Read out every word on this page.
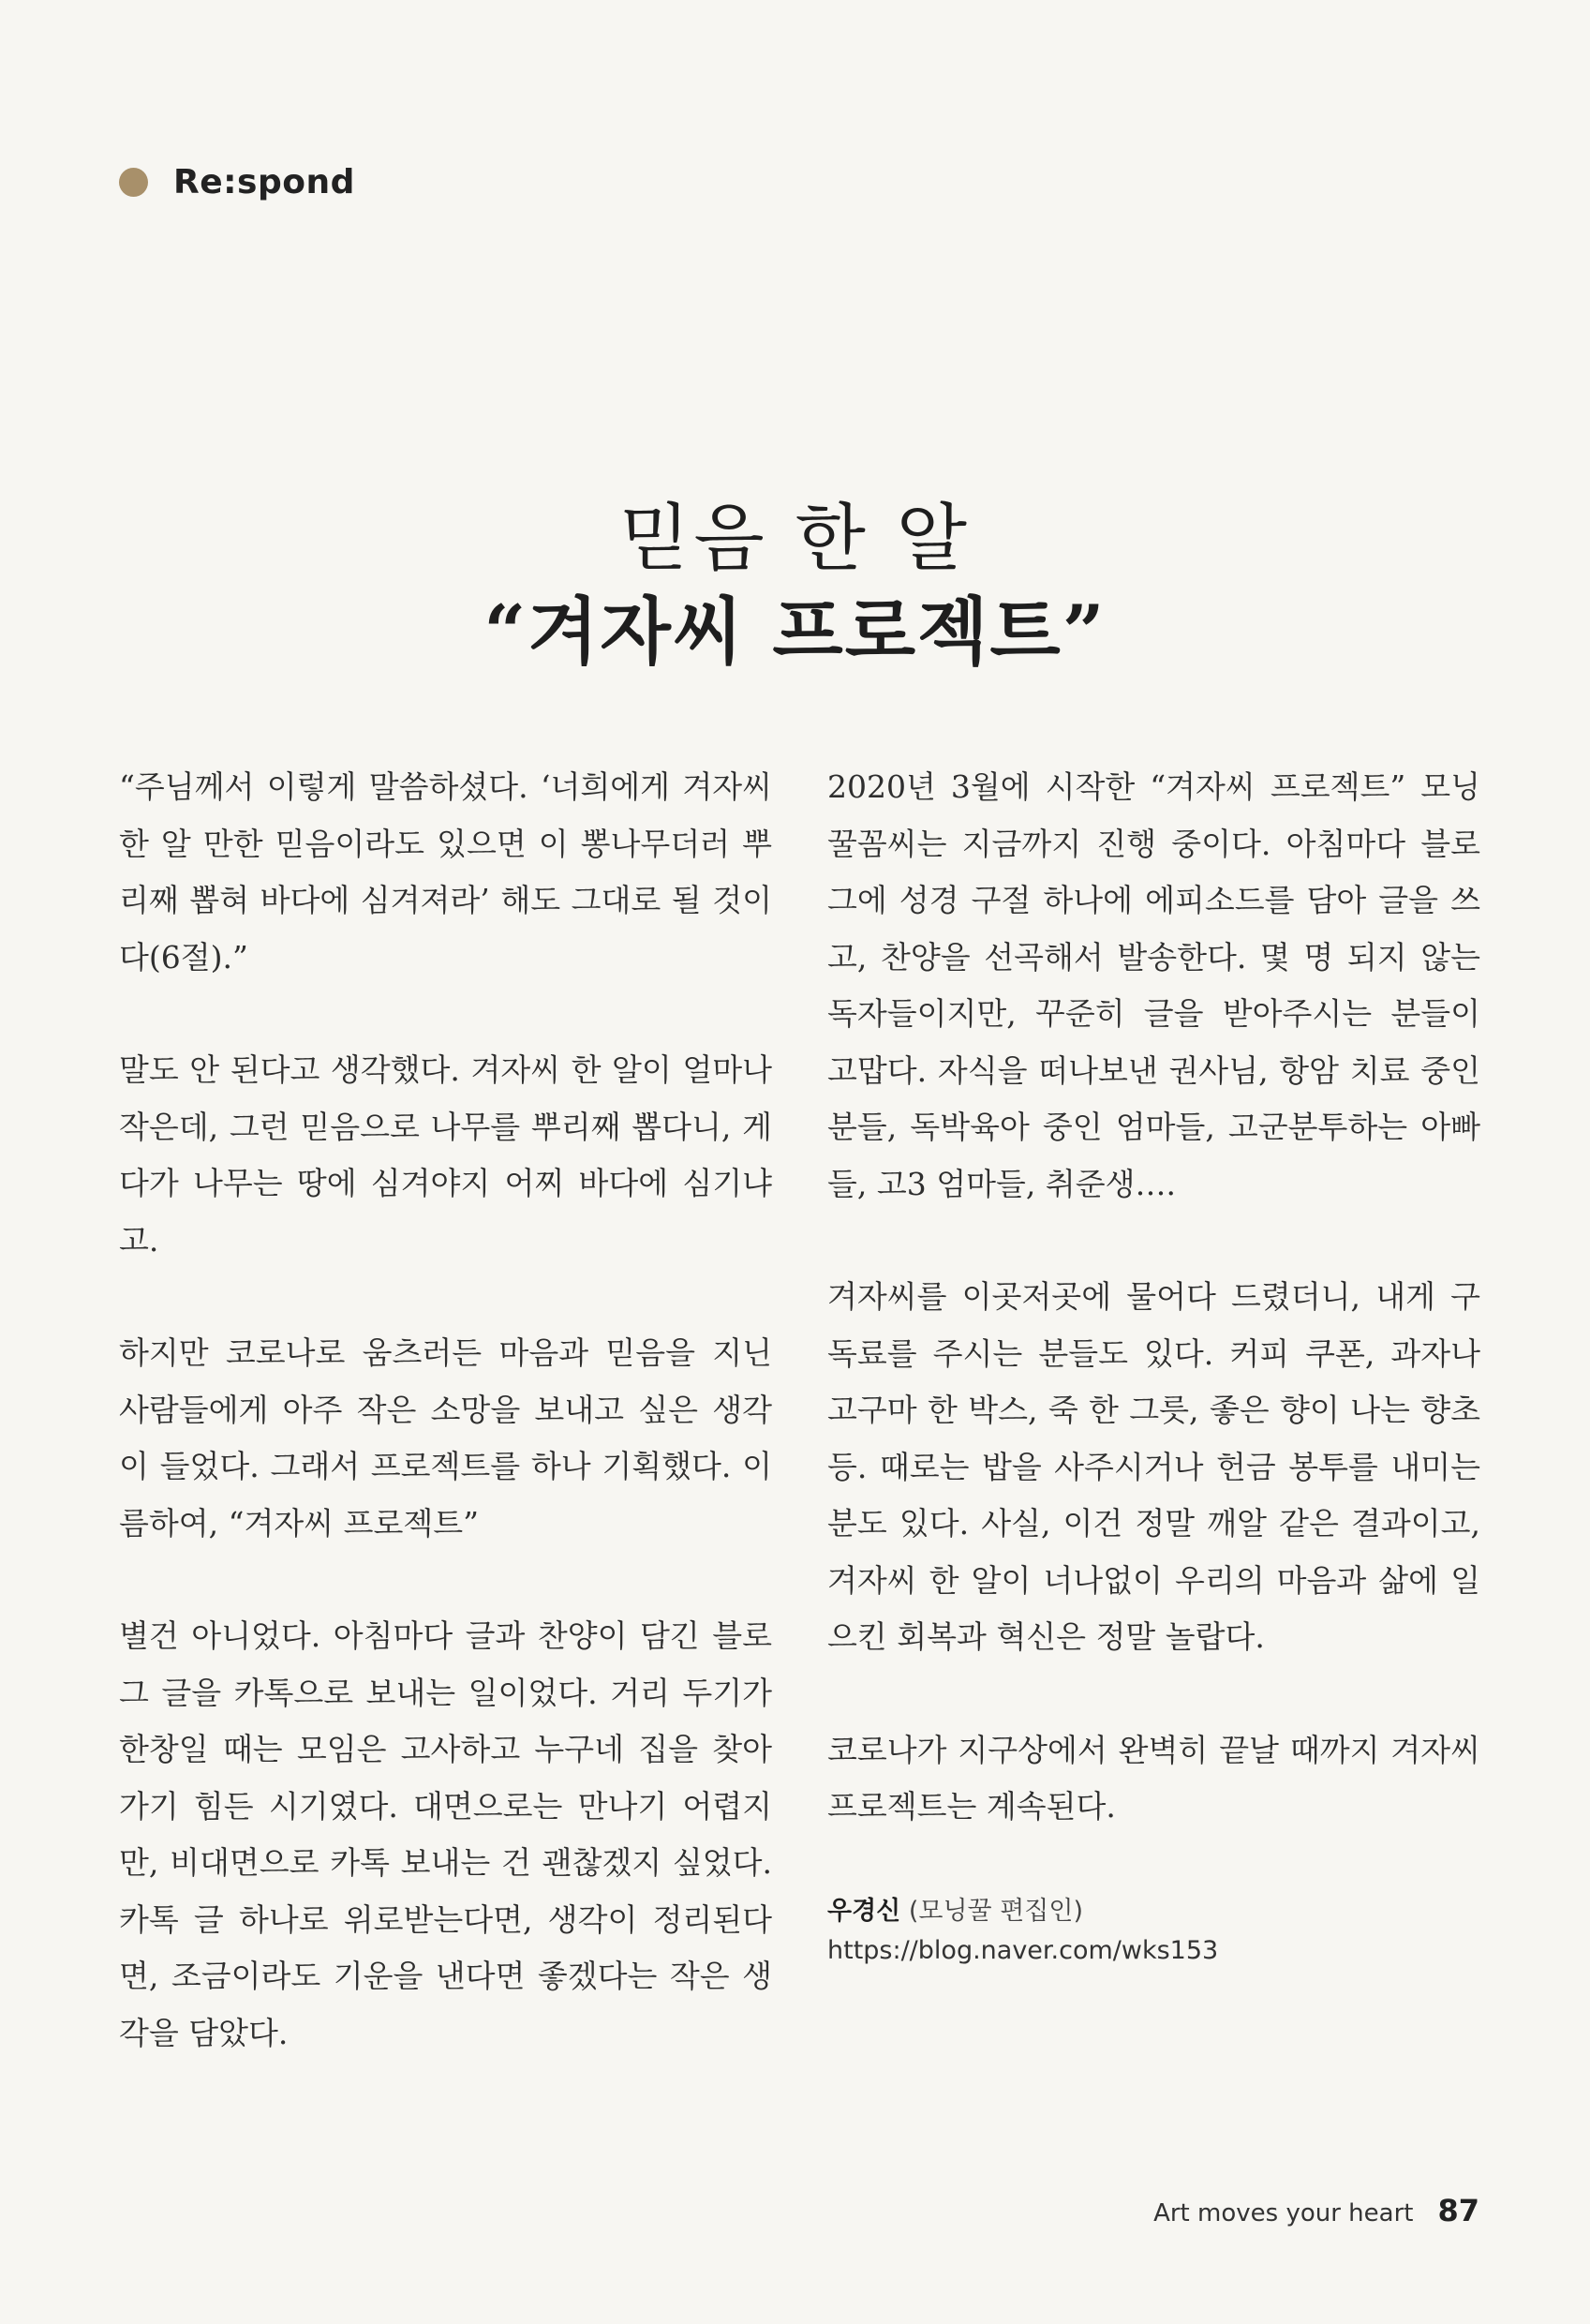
Re:spond
믿음 한 알
“겨자씨 프로젝트”

“주님께서 이렇게 말씀하셨다. ‘너희에게 겨자씨 한 알 만한 믿음이라도 있으면 이 뽕나무더러 뿌리째 뽑혀 바다에 심겨져라’ 해도 그대로 될 것이다(6절).”

말도 안 된다고 생각했다. 겨자씨 한 알이 얼마나 작은데, 그런 믿음으로 나무를 뿌리째 뽑다니, 게다가 나무는 땅에 심겨야지 어찌 바다에 심기냐고.

하지만 코로나로 움츠러든 마음과 믿음을 지닌 사람들에게 아주 작은 소망을 보내고 싶은 생각이 들었다. 그래서 프로젝트를 하나 기획했다. 이름하여, “겨자씨 프로젝트”

별건 아니었다. 아침마다 글과 찬양이 담긴 블로그 글을 카톡으로 보내는 일이었다. 거리 두기가 한창일 때는 모임은 고사하고 누구네 집을 찾아가기 힘든 시기였다. 대면으로는 만나기 어렵지만, 비대면으로 카톡 보내는 건 괜찮겠지 싶었다. 카톡 글 하나로 위로받는다면, 생각이 정리된다면, 조금이라도 기운을 낸다면 좋겠다는 작은 생각을 담았다.

2020년 3월에 시작한 “겨자씨 프로젝트” 모닝꿀꼼씨는 지금까지 진행 중이다. 아침마다 블로그에 성경 구절 하나에 에피소드를 담아 글을 쓰고, 찬양을 선곡해서 발송한다. 몇 명 되지 않는 독자들이지만, 꾸준히 글을 받아주시는 분들이 고맙다. 자식을 떠나보낸 권사님, 항암 치료 중인 분들, 독박육아 중인 엄마들, 고군분투하는 아빠들, 고3 엄마들, 취준생….

겨자씨를 이곳저곳에 물어다 드렸더니, 내게 구독료를 주시는 분들도 있다. 커피 쿠폰, 과자나 고구마 한 박스, 죽 한 그릇, 좋은 향이 나는 향초 등. 때로는 밥을 사주시거나 헌금 봉투를 내미는 분도 있다. 사실, 이건 정말 깨알 같은 결과이고, 겨자씨 한 알이 너나없이 우리의 마음과 삶에 일으킨 회복과 혁신은 정말 놀랍다.

코로나가 지구상에서 완벽히 끝날 때까지 겨자씨 프로젝트는 계속된다.

우경신 (모닝꿀 편집인)
https://blog.naver.com/wks153
Art moves your heart 87
